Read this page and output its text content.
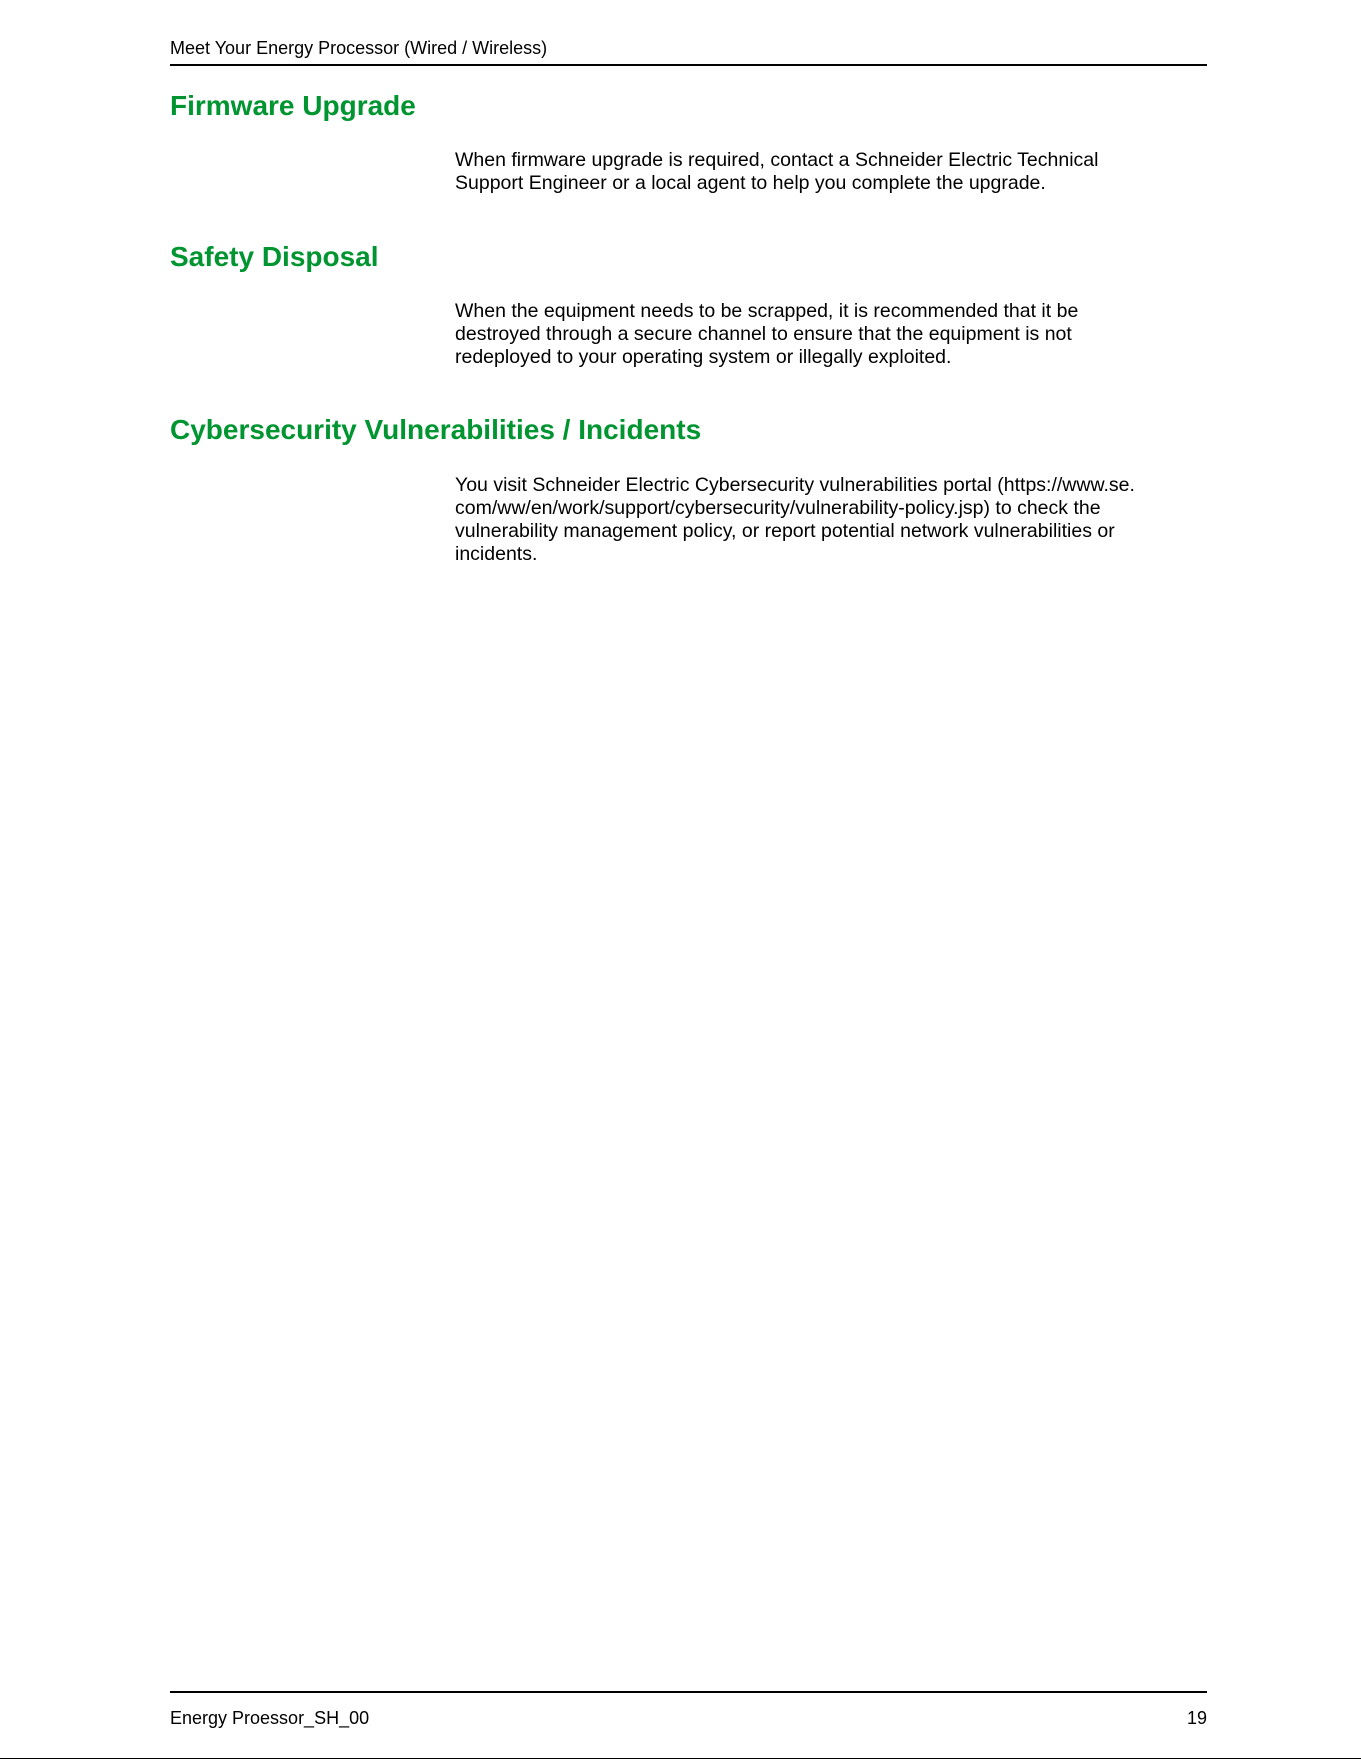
Meet Your Energy Processor (Wired / Wireless)
Firmware Upgrade

When firmware upgrade is required, contact a Schneider Electric Technical
Support Engineer or a local agent to help you complete the upgrade.

Safety Disposal

When the equipment needs to be scrapped, it is recommended that it be
destroyed through a secure channel to ensure that the equipment is not
redeployed to your operating system or illegally exploited.

Cybersecurity Vulnerabilities / Incidents

You visit Schneider Electric Cybersecurity vulnerabilities portal (https://www.se.
com/ww/en/work/support/cybersecurity/vulnerability-policy.jsp) to check the
vulnerability management policy, or report potential network vulnerabilities or
incidents.

Energy Proessor_SH_00	19
